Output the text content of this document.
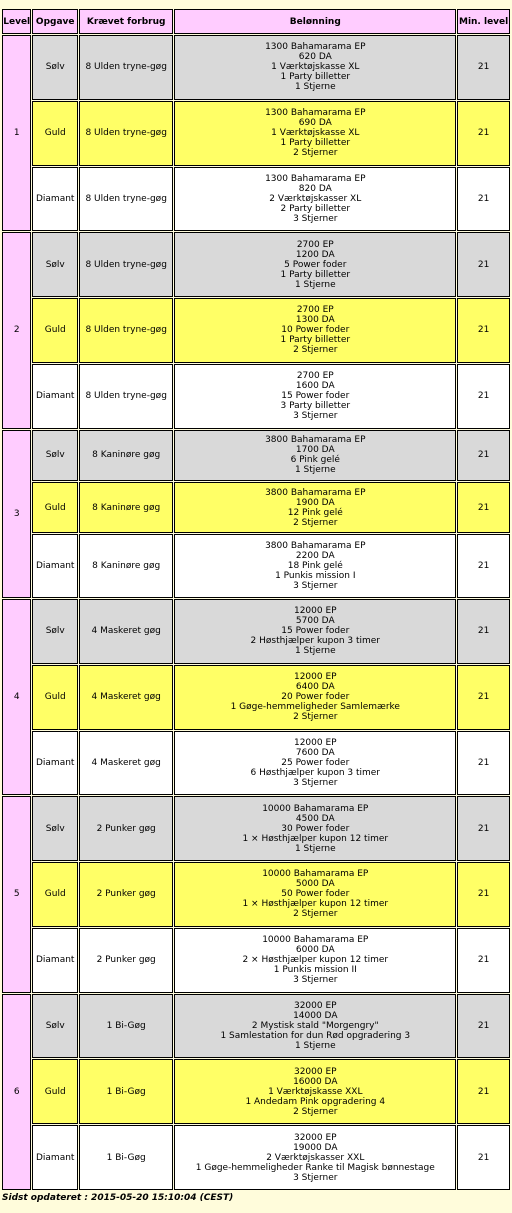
Level	Opgave	Krævet forbrug	Belønning	Min. level
1	Sølv	8 Ulden tryne-gøg	1300 Bahamarama EP
620 DA
1 Værktøjskasse XL
1 Party billetter
1 Stjerne	21
	Guld	8 Ulden tryne-gøg	1300 Bahamarama EP
690 DA
1 Værktøjskasse XL
1 Party billetter
2 Stjerner	21
	Diamant	8 Ulden tryne-gøg	1300 Bahamarama EP
820 DA
2 Værktøjskasser XL
2 Party billetter
3 Stjerner	21
2	Sølv	8 Ulden tryne-gøg	2700 EP
1200 DA
5 Power foder
1 Party billetter
1 Stjerne	21
	Guld	8 Ulden tryne-gøg	2700 EP
1300 DA
10 Power foder
1 Party billetter
2 Stjerner	21
	Diamant	8 Ulden tryne-gøg	2700 EP
1600 DA
15 Power foder
3 Party billetter
3 Stjerner	21
3	Sølv	8 Kaninøre gøg	3800 Bahamarama EP
1700 DA
6 Pink gelé
1 Stjerne	21
	Guld	8 Kaninøre gøg	3800 Bahamarama EP
1900 DA
12 Pink gelé
2 Stjerner	21
	Diamant	8 Kaninøre gøg	3800 Bahamarama EP
2200 DA
18 Pink gelé
1 Punkis mission I
3 Stjerner	21
4	Sølv	4 Maskeret gøg	12000 EP
5700 DA
15 Power foder
2 Høsthjælper kupon 3 timer
1 Stjerne	21
	Guld	4 Maskeret gøg	12000 EP
6400 DA
20 Power foder
1 Gøge-hemmeligheder Samlemærke
2 Stjerner	21
	Diamant	4 Maskeret gøg	12000 EP
7600 DA
25 Power foder
6 Høsthjælper kupon 3 timer
3 Stjerner	21
5	Sølv	2 Punker gøg	10000 Bahamarama EP
4500 DA
30 Power foder
1 × Høsthjælper kupon 12 timer
1 Stjerne	21
	Guld	2 Punker gøg	10000 Bahamarama EP
5000 DA
50 Power foder
1 × Høsthjælper kupon 12 timer
2 Stjerner	21
	Diamant	2 Punker gøg	10000 Bahamarama EP
6000 DA
2 × Høsthjælper kupon 12 timer
1 Punkis mission II
3 Stjerner	21
6	Sølv	1 Bi-Gøg	32000 EP
14000 DA
2 Mystisk stald "Morgengry"
1 Samlestation for dun Rød opgradering 3
1 Stjerne	21
	Guld	1 Bi-Gøg	32000 EP
16000 DA
1 Værktøjskasse XXL
1 Andedam Pink opgradering 4
2 Stjerner	21
	Diamant	1 Bi-Gøg	32000 EP
19000 DA
2 Værktøjskasser XXL
1 Gøge-hemmeligheder Ranke til Magisk bønnestage
3 Stjerner	21
Sidst opdateret : 2015-05-20 15:10:04 (CEST)
